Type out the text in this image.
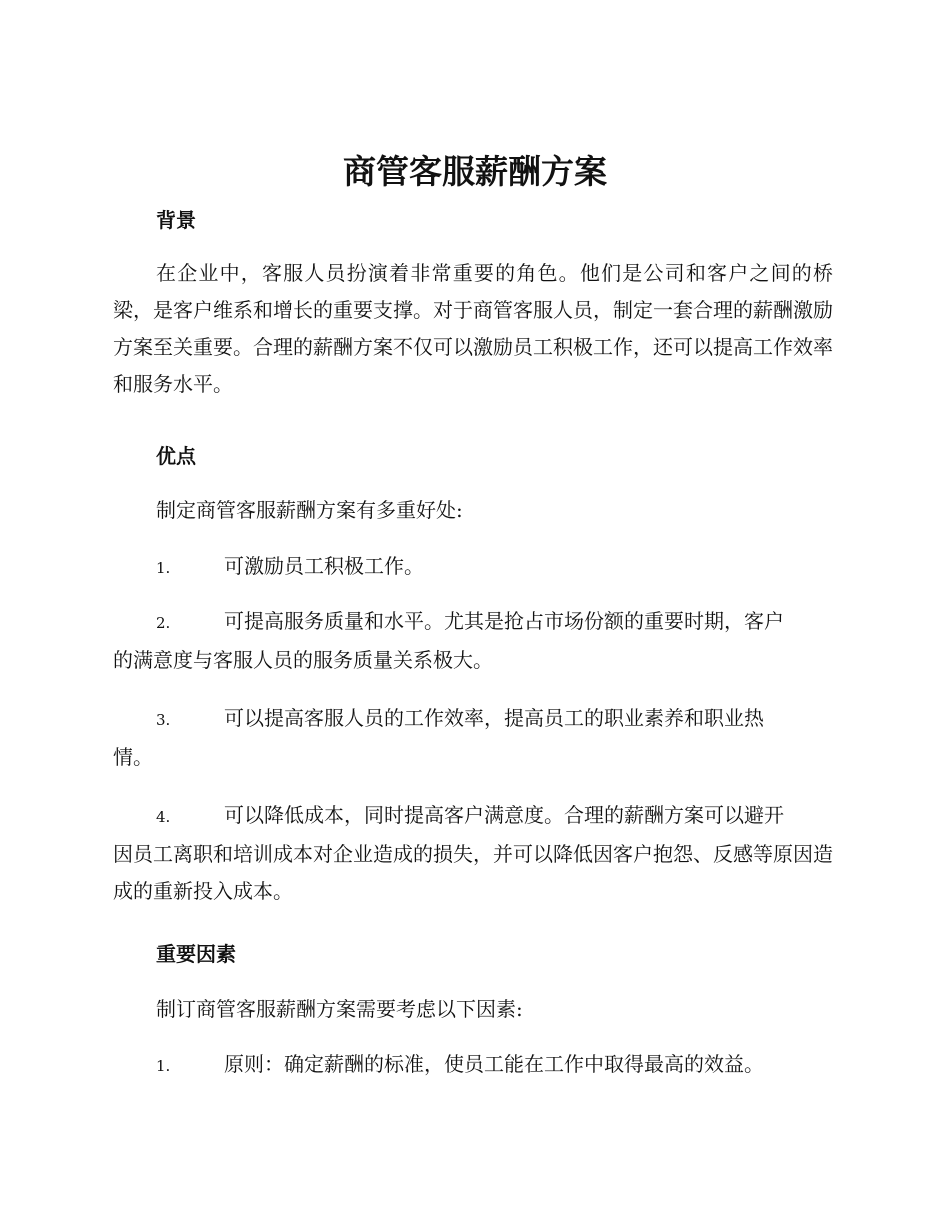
商管客服薪酬方案
背景

在企业中，客服人员扮演着非常重要的角色。他们是公司和客户之间的桥梁，是客户维系和增长的重要支撑。对于商管客服人员，制定一套合理的薪酬激励方案至关重要。合理的薪酬方案不仅可以激励员工积极工作，还可以提高工作效率和服务水平。

优点
制定商管客服薪酬方案有多重好处:
1.	可激励员工积极工作。
2.	可提高服务质量和水平。尤其是抢占市场份额的重要时期，客户
的满意度与客服人员的服务质量关系极大。
3.	可以提高客服人员的工作效率，提高员工的职业素养和职业热
情。
4.	可以降低成本，同时提高客户满意度。合理的薪酬方案可以避开
因员工离职和培训成本对企业造成的损失，并可以降低因客户抱怨、反感等原因造成的重新投入成本。
重要因素
制订商管客服薪酬方案需要考虑以下因素:
1.	原则：确定薪酬的标准，使员工能在工作中取得最高的效益。
